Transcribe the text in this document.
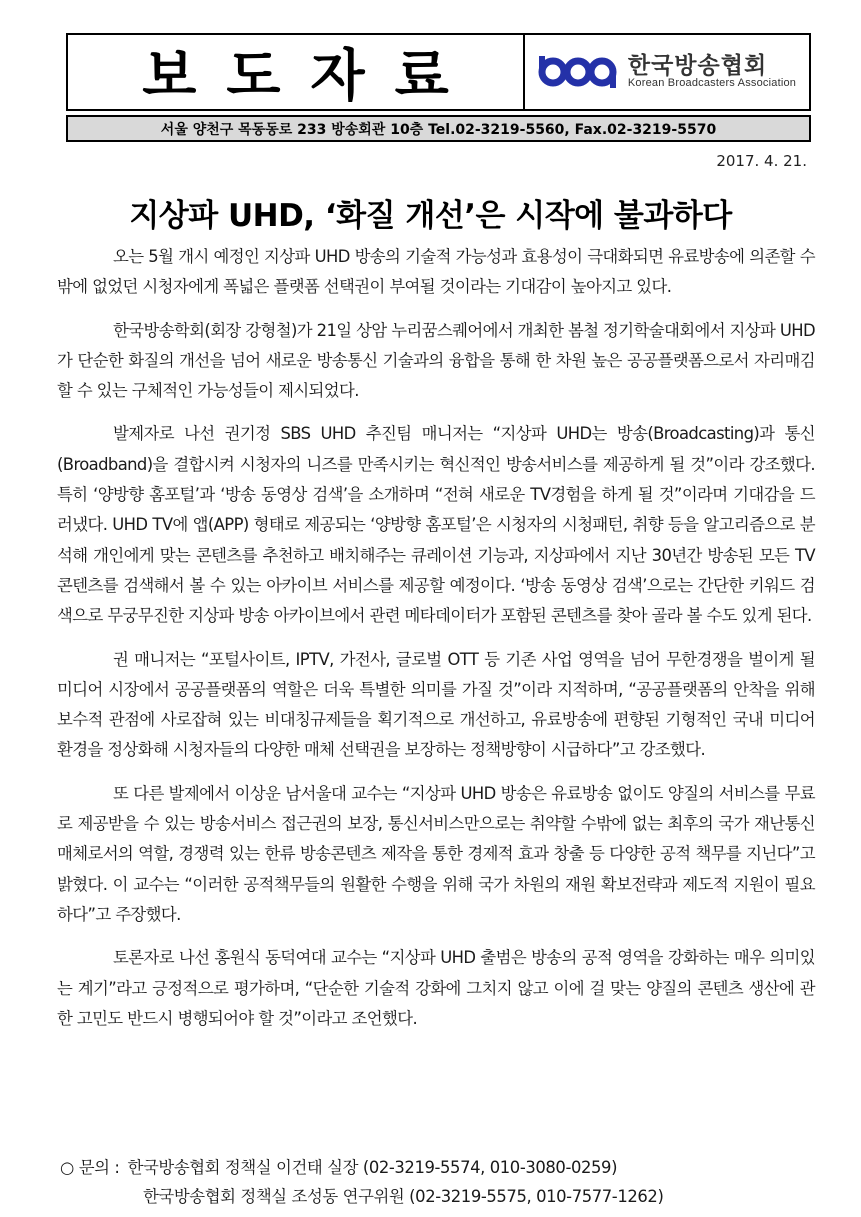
보도자료	한국방송협회
Korean Broadcasters Association
서울 양천구 목동동로 233 방송회관 10층 Tel.02-3219-5560, Fax.02-3219-5570
2017. 4. 21.
지상파 UHD, ‘화질 개선’은 시작에 불과하다

오는 5월 개시 예정인 지상파 UHD 방송의 기술적 가능성과 효용성이 극대화되면 유료방송에 의존할 수밖에 없었던 시청자에게 폭넓은 플랫폼 선택권이 부여될 것이라는 기대감이 높아지고 있다.

한국방송학회(회장 강형철)가 21일 상암 누리꿈스퀘어에서 개최한 봄철 정기학술대회에서 지상파 UHD가 단순한 화질의 개선을 넘어 새로운 방송통신 기술과의 융합을 통해 한 차원 높은 공공플랫폼으로서 자리매김할 수 있는 구체적인 가능성들이 제시되었다.

발제자로 나선 권기정 SBS UHD 추진팀 매니저는 “지상파 UHD는 방송(Broadcasting)과 통신(Broadband)을 결합시켜 시청자의 니즈를 만족시키는 혁신적인 방송서비스를 제공하게 될 것”이라 강조했다. 특히 ‘양방향 홈포털’과 ‘방송 동영상 검색’을 소개하며 “전혀 새로운 TV경험을 하게 될 것”이라며 기대감을 드러냈다. UHD TV에 앱(APP) 형태로 제공되는 ‘양방향 홈포털’은 시청자의 시청패턴, 취향 등을 알고리즘으로 분석해 개인에게 맞는 콘텐츠를 추천하고 배치해주는 큐레이션 기능과, 지상파에서 지난 30년간 방송된 모든 TV콘텐츠를 검색해서 볼 수 있는 아카이브 서비스를 제공할 예정이다. ‘방송 동영상 검색’으로는 간단한 키워드 검색으로 무궁무진한 지상파 방송 아카이브에서 관련 메타데이터가 포함된 콘텐츠를 찾아 골라 볼 수도 있게 된다.

권 매니저는 “포털사이트, IPTV, 가전사, 글로벌 OTT 등 기존 사업 영역을 넘어 무한경쟁을 벌이게 될 미디어 시장에서 공공플랫폼의 역할은 더욱 특별한 의미를 가질 것”이라 지적하며, “공공플랫폼의 안착을 위해 보수적 관점에 사로잡혀 있는 비대칭규제들을 획기적으로 개선하고, 유료방송에 편향된 기형적인 국내 미디어 환경을 정상화해 시청자들의 다양한 매체 선택권을 보장하는 정책방향이 시급하다”고 강조했다.

또 다른 발제에서 이상운 남서울대 교수는 “지상파 UHD 방송은 유료방송 없이도 양질의 서비스를 무료로 제공받을 수 있는 방송서비스 접근권의 보장, 통신서비스만으로는 취약할 수밖에 없는 최후의 국가 재난통신매체로서의 역할, 경쟁력 있는 한류 방송콘텐츠 제작을 통한 경제적 효과 창출 등 다양한 공적 책무를 지닌다”고 밝혔다. 이 교수는 “이러한 공적책무들의 원활한 수행을 위해 국가 차원의 재원 확보전략과 제도적 지원이 필요하다”고 주장했다.

토론자로 나선 홍원식 동덕여대 교수는 “지상파 UHD 출범은 방송의 공적 영역을 강화하는 매우 의미있는 계기”라고 긍정적으로 평가하며, “단순한 기술적 강화에 그치지 않고 이에 걸 맞는 양질의 콘텐츠 생산에 관한 고민도 반드시 병행되어야 할 것”이라고 조언했다.

○ 문의 : 한국방송협회 정책실 이건태 실장 (02-3219-5574, 010-3080-0259)
한국방송협회 정책실 조성동 연구위원 (02-3219-5575, 010-7577-1262)
